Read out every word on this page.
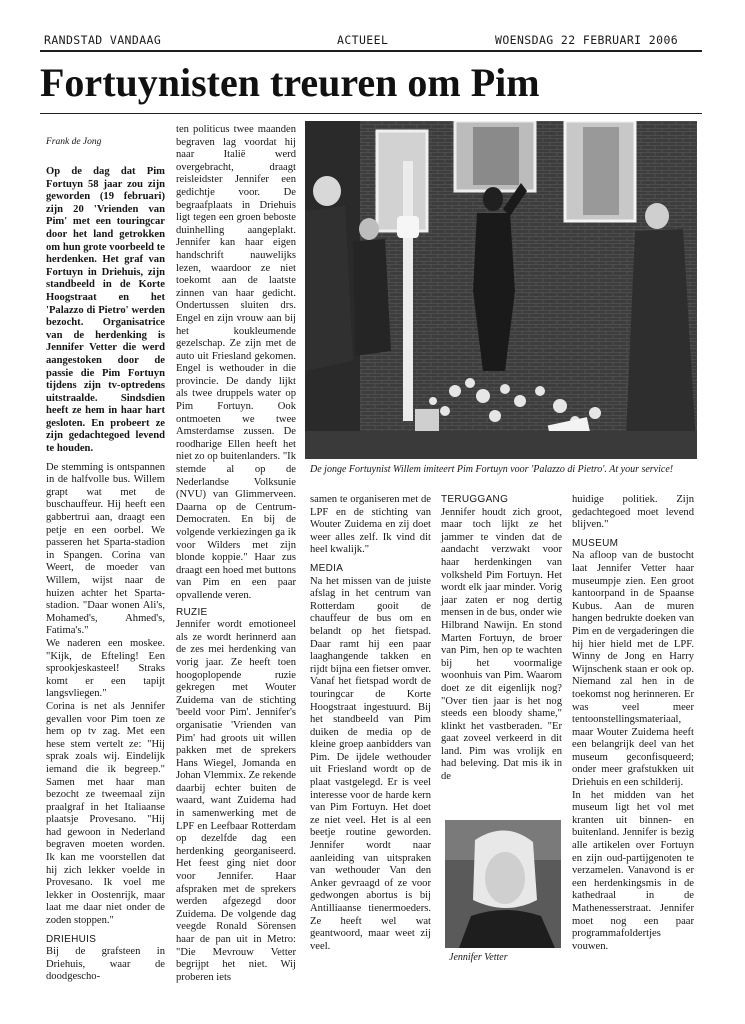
RANDSTAD VANDAAG	ACTUEEL	WOENSDAG 22 FEBRUARI 2006
Fortuynisten treuren om Pim
Frank de Jong
De jonge Fortuynist Willem imiteert Pim Fortuyn voor 'Palazzo di Pietro'. At your service!

Op de dag dat Pim Fortuyn 58 jaar zou zijn geworden (19 februari) zijn 20 'Vrienden van Pim' met een touringcar door het land getrokken om hun grote voorbeeld te herdenken. Het graf van Fortuyn in Driehuis, zijn standbeeld in de Korte Hoogstraat en het 'Palazzo di Pietro' werden bezocht. Organisatrice van de herdenking is Jennifer Vetter die werd aangestoken door de passie die Pim Fortuyn tijdens zijn tv-optredens uitstraalde. Sindsdien heeft ze hem in haar hart gesloten. En probeert ze zijn gedachtegoed levend te houden.

De stemming is ontspannen in de halfvolle bus. Willem grapt wat met de buschauffeur. Hij heeft een gabbertrui aan, draagt een petje en een oorbel. We passeren het Sparta-stadion in Spangen. Corina van Weert, de moeder van Willem, wijst naar de huizen achter het Sparta-stadion. "Daar wonen Ali's, Mohamed's, Ahmed's, Fatima's."

We naderen een moskee. "Kijk, de Efteling! Een sprookjeskasteel! Straks komt er een tapijt langsvliegen."

Corina is net als Jennifer gevallen voor Pim toen ze hem op tv zag. Met een hese stem vertelt ze: "Hij sprak zoals wij. Eindelijk iemand die ik begreep." Samen met haar man bezocht ze tweemaal zijn praalgraf in het Italiaanse plaatsje Provesano. "Hij had gewoon in Nederland begraven moeten worden. Ik kan me voorstellen dat hij zich lekker voelde in Provesano. Ik voel me lekker in Oostenrijk, maar laat me daar niet onder de zoden stoppen."

DRIEHUIS

Bij de grafsteen in Driehuis, waar de doodgescho-

ten politicus twee maanden begraven lag voordat hij naar Italië werd overgebracht, draagt reisleidster Jennifer een gedichtje voor. De begraafplaats in Driehuis ligt tegen een groen beboste duinhelling aangeplakt. Jennifer kan haar eigen handschrift nauwelijks lezen, waardoor ze niet toekomt aan de laatste zinnen van haar gedicht. Ondertussen sluiten drs. Engel en zijn vrouw aan bij het koukleumende gezelschap. Ze zijn met de auto uit Friesland gekomen. Engel is wethouder in die provincie. De dandy lijkt als twee druppels water op Pim Fortuyn. Ook ontmoeten we twee Amsterdamse zussen. De roodharige Ellen heeft het niet zo op buitenlanders. "Ik stemde al op de Nederlandse Volksunie (NVU) van Glimmerveen. Daarna op de Centrum-Democraten. En bij de volgende verkiezingen ga ik voor Wilders met zijn blonde koppie." Haar zus draagt een hoed met buttons van Pim en een paar opvallende veren.

RUZIE

Jennifer wordt emotioneel als ze wordt herinnerd aan de zes mei herdenking van vorig jaar. Ze heeft toen hoogoplopende ruzie gekregen met Wouter Zuidema van de stichting 'beeld voor Pim'. Jennifer's organisatie 'Vrienden van Pim' had groots uit willen pakken met de sprekers Hans Wiegel, Jomanda en Johan Vlemmix. Ze rekende daarbij echter buiten de waard, want Zuidema had in samenwerking met de LPF en Leefbaar Rotterdam op dezelfde dag een herdenking georganiseerd. Het feest ging niet door voor Jennifer. Haar afspraken met de sprekers werden afgezegd door Zuidema. De volgende dag veegde Ronald Sörensen haar de pan uit in Metro: "Die Mevrouw Vetter begrijpt het niet. Wij proberen iets

samen te organiseren met de LPF en de stichting van Wouter Zuidema en zij doet weer alles zelf. Ik vind dit heel kwalijk."

MEDIA

Na het missen van de juiste afslag in het centrum van Rotterdam gooit de chauffeur de bus om en belandt op het fietspad. Daar ramt hij een paar laaghangende takken en rijdt bijna een fietser omver. Vanaf het fietspad wordt de touringcar de Korte Hoogstraat ingestuurd. Bij het standbeeld van Pim duiken de media op de kleine groep aanbidders van Pim. De ijdele wethouder uit Friesland wordt op de plaat vastgelegd. Er is veel interesse voor de harde kern van Pim Fortuyn. Het doet ze niet veel. Het is al een beetje routine geworden. Jennifer wordt naar aanleiding van uitspraken van wethouder Van den Anker gevraagd of ze voor gedwongen abortus is bij Antilliaanse tienermoeders. Ze heeft wel wat geantwoord, maar weet zij veel.

TERUGGANG

Jennifer houdt zich groot, maar toch lijkt ze het jammer te vinden dat de aandacht verzwakt voor haar herdenkingen van volksheld Pim Fortuyn. Het wordt elk jaar minder. Vorig jaar zaten er nog dertig mensen in de bus, onder wie Hilbrand Nawijn. En stond Marten Fortuyn, de broer van Pim, hen op te wachten bij het voormalige woonhuis van Pim. Waarom doet ze dit eigenlijk nog? "Over tien jaar is het nog steeds een bloody shame," klinkt het vastberaden. "Er gaat zoveel verkeerd in dit land. Pim was vrolijk en had beleving. Dat mis ik in de

Jennifer Vetter

huidige politiek. Zijn gedachtegoed moet levend blijven."

MUSEUM

Na afloop van de bustocht laat Jennifer Vetter haar museumpje zien. Een groot kantoorpand in de Spaanse Kubus. Aan de muren hangen bedrukte doeken van Pim en de vergaderingen die hij hier hield met de LPF. Winny de Jong en Harry Wijnschenk staan er ook op. Niemand zal hen in de toekomst nog herinneren. Er was veel meer tentoonstellingsmateriaal, maar Wouter Zuidema heeft een belangrijk deel van het museum geconfisqueerd; onder meer grafstukken uit Driehuis en een schilderij.

In het midden van het museum ligt het vol met kranten uit binnen- en buitenland. Jennifer is bezig alle artikelen over Fortuyn en zijn oud-partijgenoten te verzamelen. Vanavond is er een herdenkingsmis in de kathedraal in de Mathenesserstraat. Jennifer moet nog een paar programmafoldertjes vouwen.
